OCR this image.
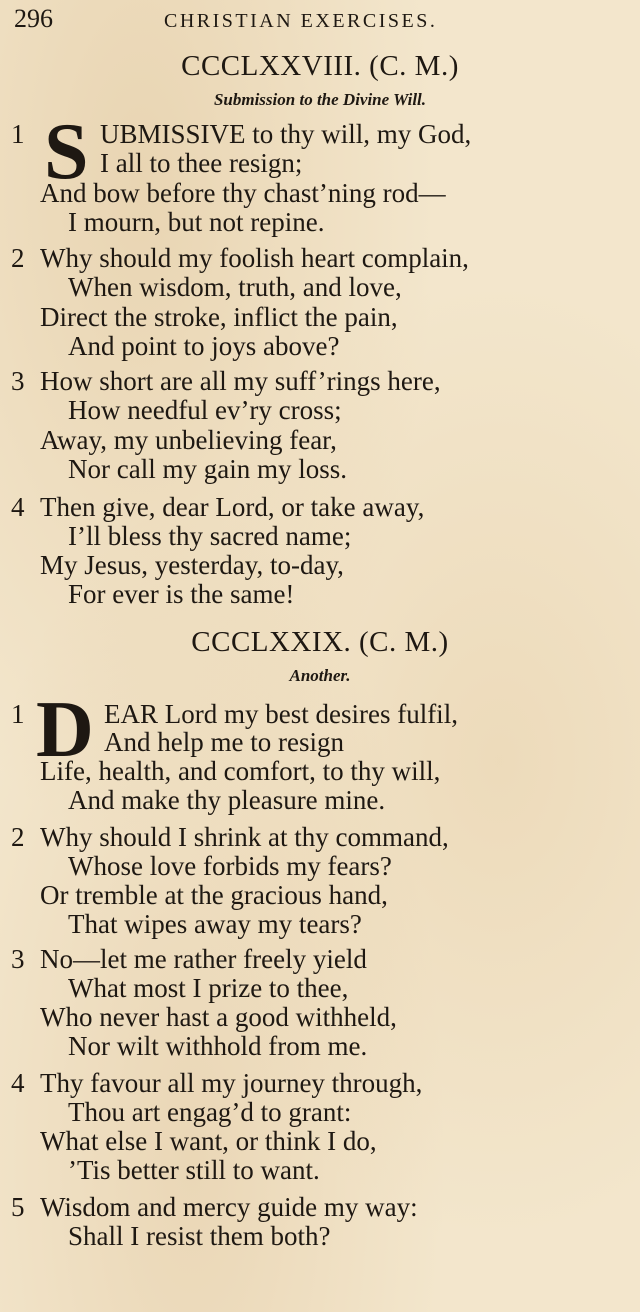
296	CHRISTIAN EXERCISES.
CCCLXXVIII. (C. M.)
Submission to the Divine Will.
1 S UBMISSIVE to thy will, my God,
I all to thee resign;
And bow before thy chast’ning rod—
I mourn, but not repine.
2 Why should my foolish heart complain,
When wisdom, truth, and love,
Direct the stroke, inflict the pain,
And point to joys above?
3 How short are all my suff’rings here,
How needful ev’ry cross;
Away, my unbelieving fear,
Nor call my gain my loss.
4 Then give, dear Lord, or take away,
I’ll bless thy sacred name;
My Jesus, yesterday, to-day,
For ever is the same!
CCCLXXIX. (C. M.)
Another.
1 D EAR Lord my best desires fulfil,
And help me to resign
Life, health, and comfort, to thy will,
And make thy pleasure mine.
2 Why should I shrink at thy command,
Whose love forbids my fears?
Or tremble at the gracious hand,
That wipes away my tears?
3 No—let me rather freely yield
What most I prize to thee,
Who never hast a good withheld,
Nor wilt withhold from me.
4 Thy favour all my journey through,
Thou art engag’d to grant:
What else I want, or think I do,
’Tis better still to want.
5 Wisdom and mercy guide my way:
Shall I resist them both?
